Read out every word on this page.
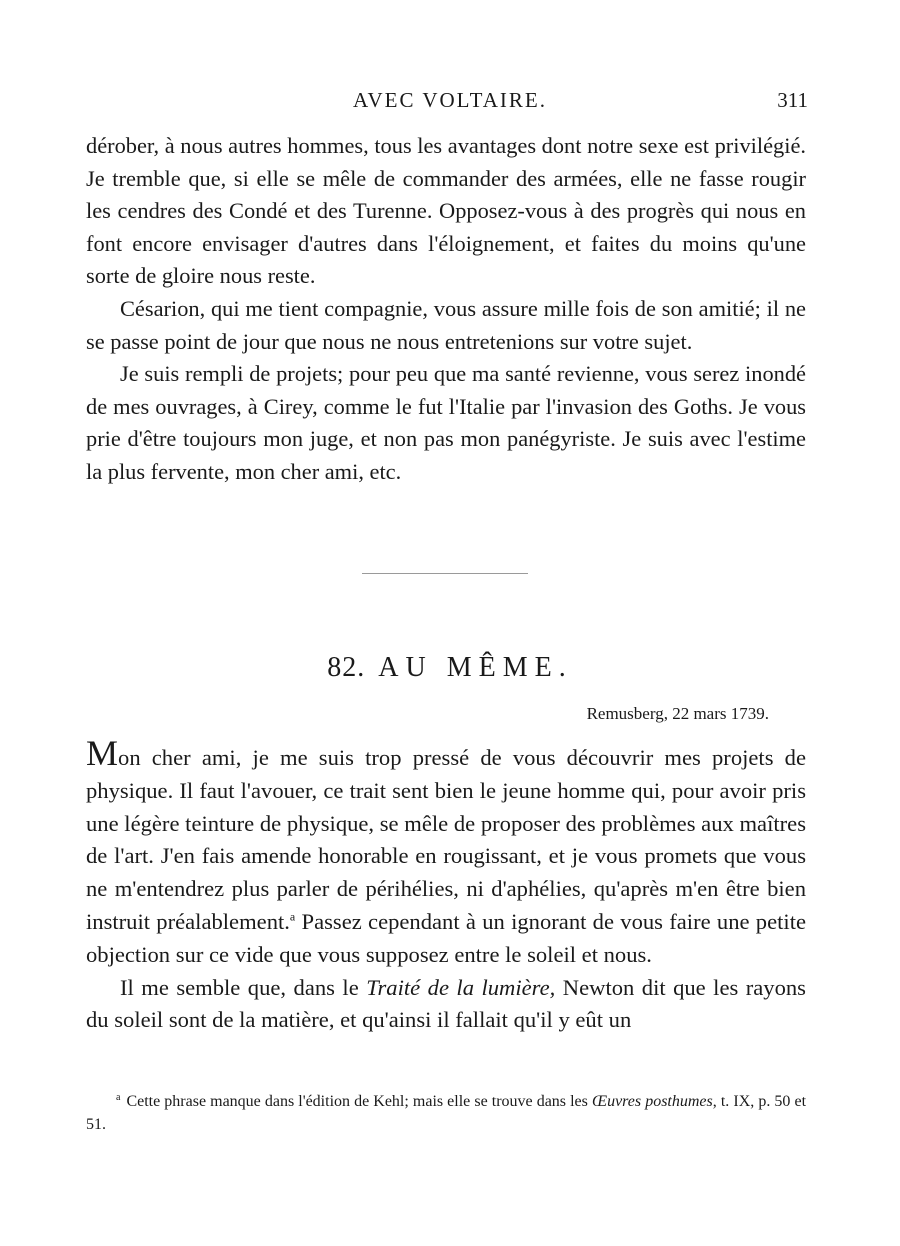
AVEC VOLTAIRE.	311

dérober, à nous autres hommes, tous les avantages dont notre sexe est privilégié. Je tremble que, si elle se mêle de commander des armées, elle ne fasse rougir les cendres des Condé et des Turenne. Opposez-vous à des progrès qui nous en font encore envisager d'autres dans l'éloignement, et faites du moins qu'une sorte de gloire nous reste.

Césarion, qui me tient compagnie, vous assure mille fois de son amitié; il ne se passe point de jour que nous ne nous entretenions sur votre sujet.

Je suis rempli de projets; pour peu que ma santé revienne, vous serez inondé de mes ouvrages, à Cirey, comme le fut l'Italie par l'invasion des Goths. Je vous prie d'être toujours mon juge, et non pas mon panégyriste. Je suis avec l'estime la plus fervente, mon cher ami, etc.

82. AU MÊME.
Remusberg, 22 mars 1739.

Mon cher ami, je me suis trop pressé de vous découvrir mes projets de physique. Il faut l'avouer, ce trait sent bien le jeune homme qui, pour avoir pris une légère teinture de physique, se mêle de proposer des problèmes aux maîtres de l'art. J'en fais amende honorable en rougissant, et je vous promets que vous ne m'entendrez plus parler de périhélies, ni d'aphélies, qu'après m'en être bien instruit préalablement.$^a$ Passez cependant à un ignorant de vous faire une petite objection sur ce vide que vous supposez entre le soleil et nous.

Il me semble que, dans le Traité de la lumière, Newton dit que les rayons du soleil sont de la matière, et qu'ainsi il fallait qu'il y eût un

$^a$ Cette phrase manque dans l'édition de Kehl; mais elle se trouve dans les Œuvres posthumes, t. IX, p. 50 et 51.
